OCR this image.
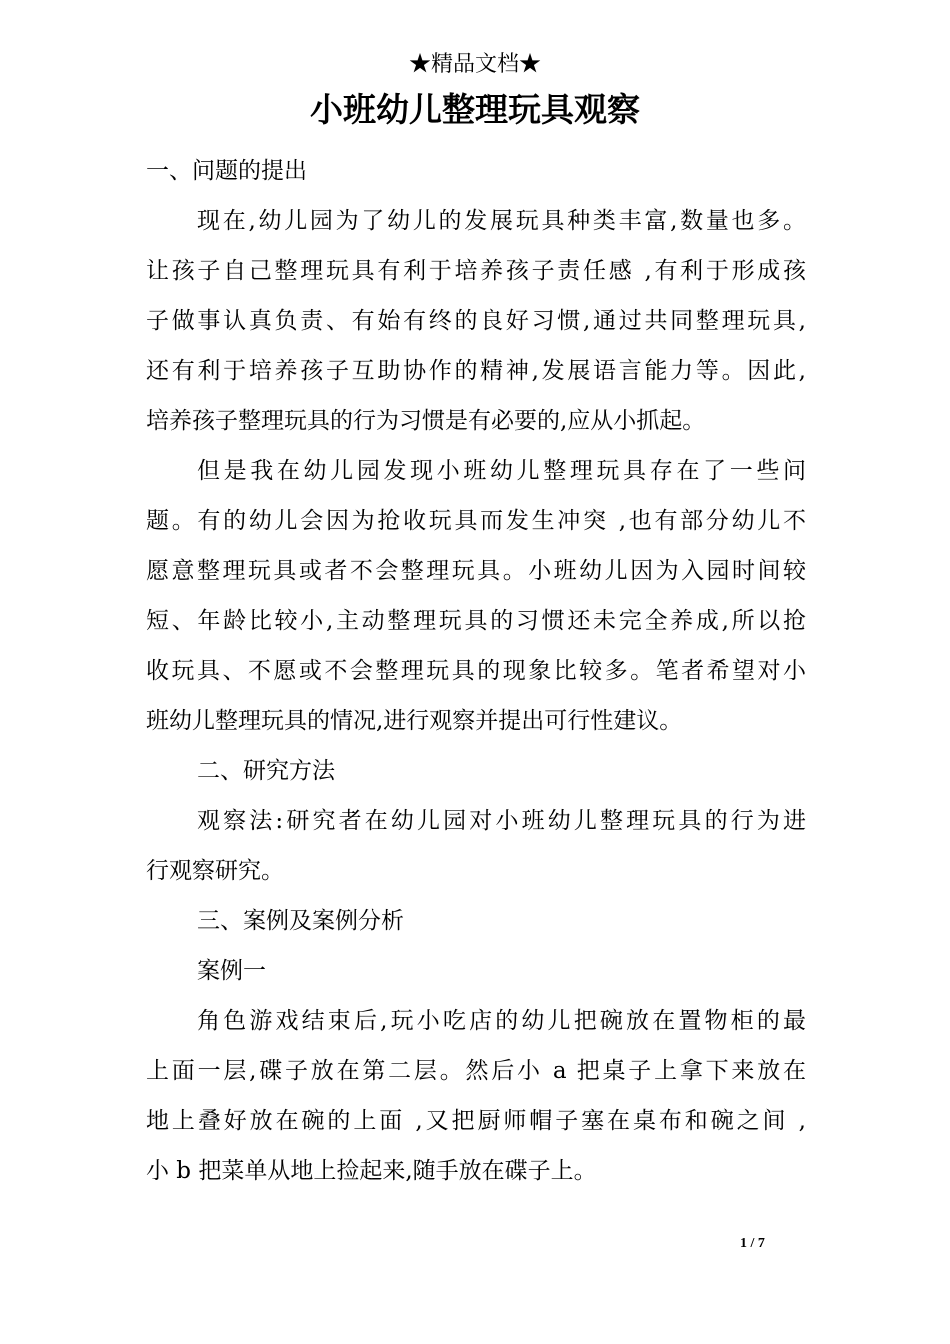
★精品文档★
小班幼儿整理玩具观察
一、问题的提出
现在,幼儿园为了幼儿的发展玩具种类丰富,数量也多。
让孩子自己整理玩具有利于培养孩子责任感 ,有利于形成孩
子做事认真负责、有始有终的良好习惯,通过共同整理玩具,
还有利于培养孩子互助协作的精神,发展语言能力等。因此,
培养孩子整理玩具的行为习惯是有必要的,应从小抓起。
但是我在幼儿园发现小班幼儿整理玩具存在了一些问
题。有的幼儿会因为抢收玩具而发生冲突 ,也有部分幼儿不
愿意整理玩具或者不会整理玩具。小班幼儿因为入园时间较
短、年龄比较小,主动整理玩具的习惯还未完全养成,所以抢
收玩具、不愿或不会整理玩具的现象比较多。笔者希望对小
班幼儿整理玩具的情况,进行观察并提出可行性建议。
二、研究方法
观察法:研究者在幼儿园对小班幼儿整理玩具的行为进
行观察研究。
三、案例及案例分析
案例一
角色游戏结束后,玩小吃店的幼儿把碗放在置物柜的最
上面一层,碟子放在第二层。然后小 a 把桌子上拿下来放在
地上叠好放在碗的上面 ,又把厨师帽子塞在桌布和碗之间 ,
小 b 把菜单从地上捡起来,随手放在碟子上。
1 / 7
